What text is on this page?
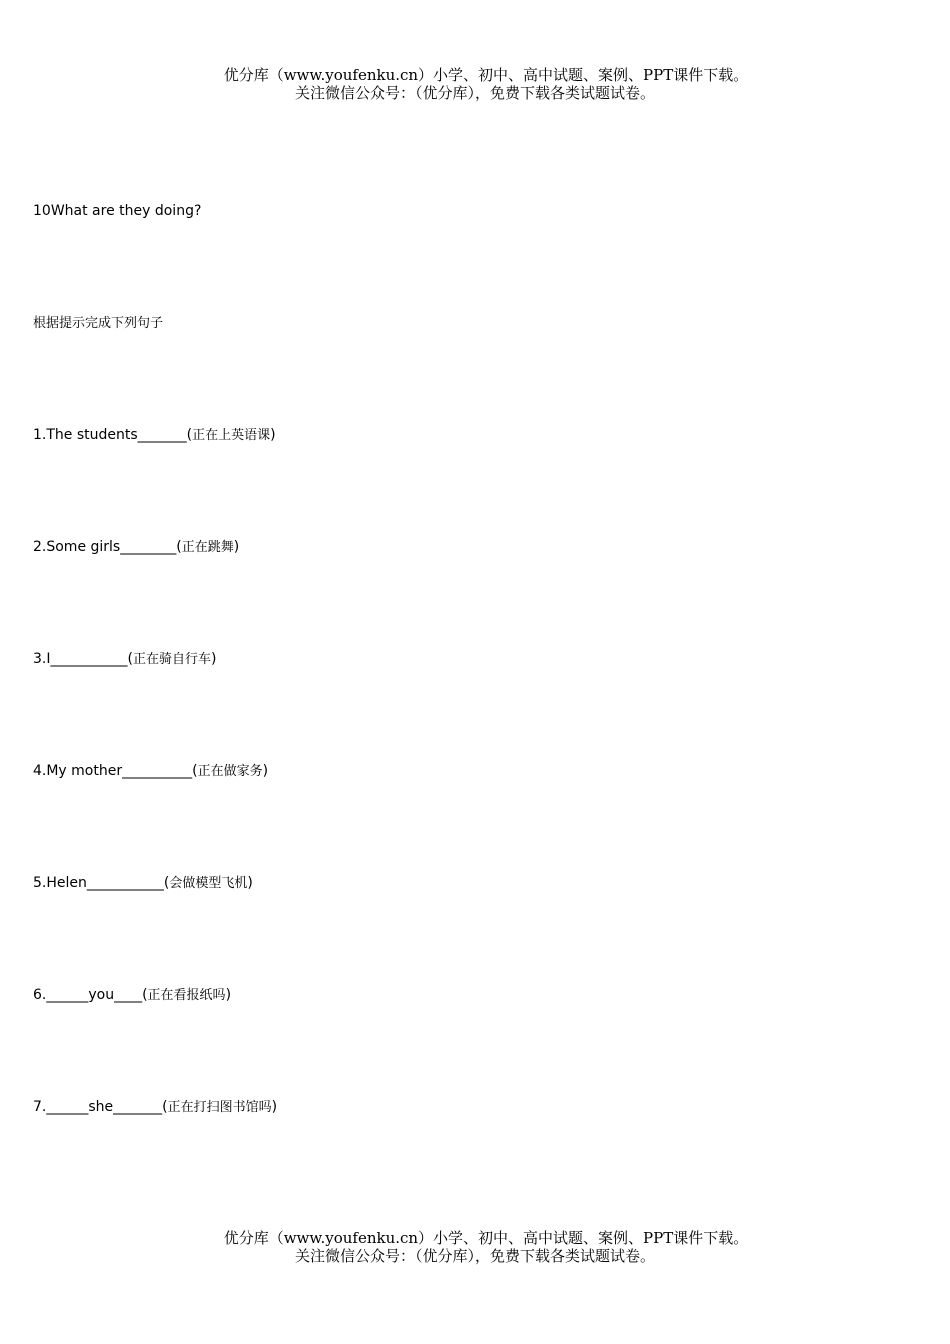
优分库（www.youfenku.cn）小学、初中、高中试题、案例、PPT课件下载。
关注微信公众号：（优分库），免费下载各类试题试卷。
10What are they doing?
根据提示完成下列句子
1.The students_______(正在上英语课)
2.Some girls________(正在跳舞)
3.I___________(正在骑自行车)
4.My mother__________(正在做家务)
5.Helen___________(会做模型飞机)
6.______you____(正在看报纸吗)
7.______she_______(正在打扫图书馆吗)
优分库（www.youfenku.cn）小学、初中、高中试题、案例、PPT课件下载。
关注微信公众号：（优分库），免费下载各类试题试卷。
